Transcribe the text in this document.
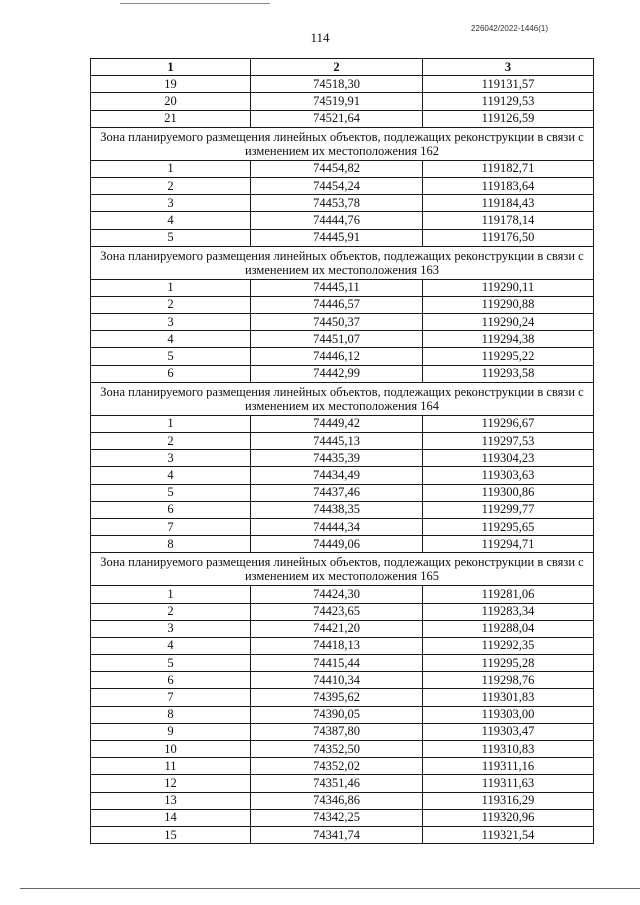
114
226042/2022-1446(1)
1	2	3
19	74518,30	119131,57
20	74519,91	119129,53
21	74521,64	119126,59
Зона планируемого размещения линейных объектов, подлежащих реконструкции в связи с изменением их местоположения 162		
1	74454,82	119182,71
2	74454,24	119183,64
3	74453,78	119184,43
4	74444,76	119178,14
5	74445,91	119176,50
Зона планируемого размещения линейных объектов, подлежащих реконструкции в связи с изменением их местоположения 163		
1	74445,11	119290,11
2	74446,57	119290,88
3	74450,37	119290,24
4	74451,07	119294,38
5	74446,12	119295,22
6	74442,99	119293,58
Зона планируемого размещения линейных объектов, подлежащих реконструкции в связи с изменением их местоположения 164		
1	74449,42	119296,67
2	74445,13	119297,53
3	74435,39	119304,23
4	74434,49	119303,63
5	74437,46	119300,86
6	74438,35	119299,77
7	74444,34	119295,65
8	74449,06	119294,71
Зона планируемого размещения линейных объектов, подлежащих реконструкции в связи с изменением их местоположения 165		
1	74424,30	119281,06
2	74423,65	119283,34
3	74421,20	119288,04
4	74418,13	119292,35
5	74415,44	119295,28
6	74410,34	119298,76
7	74395,62	119301,83
8	74390,05	119303,00
9	74387,80	119303,47
10	74352,50	119310,83
11	74352,02	119311,16
12	74351,46	119311,63
13	74346,86	119316,29
14	74342,25	119320,96
15	74341,74	119321,54
